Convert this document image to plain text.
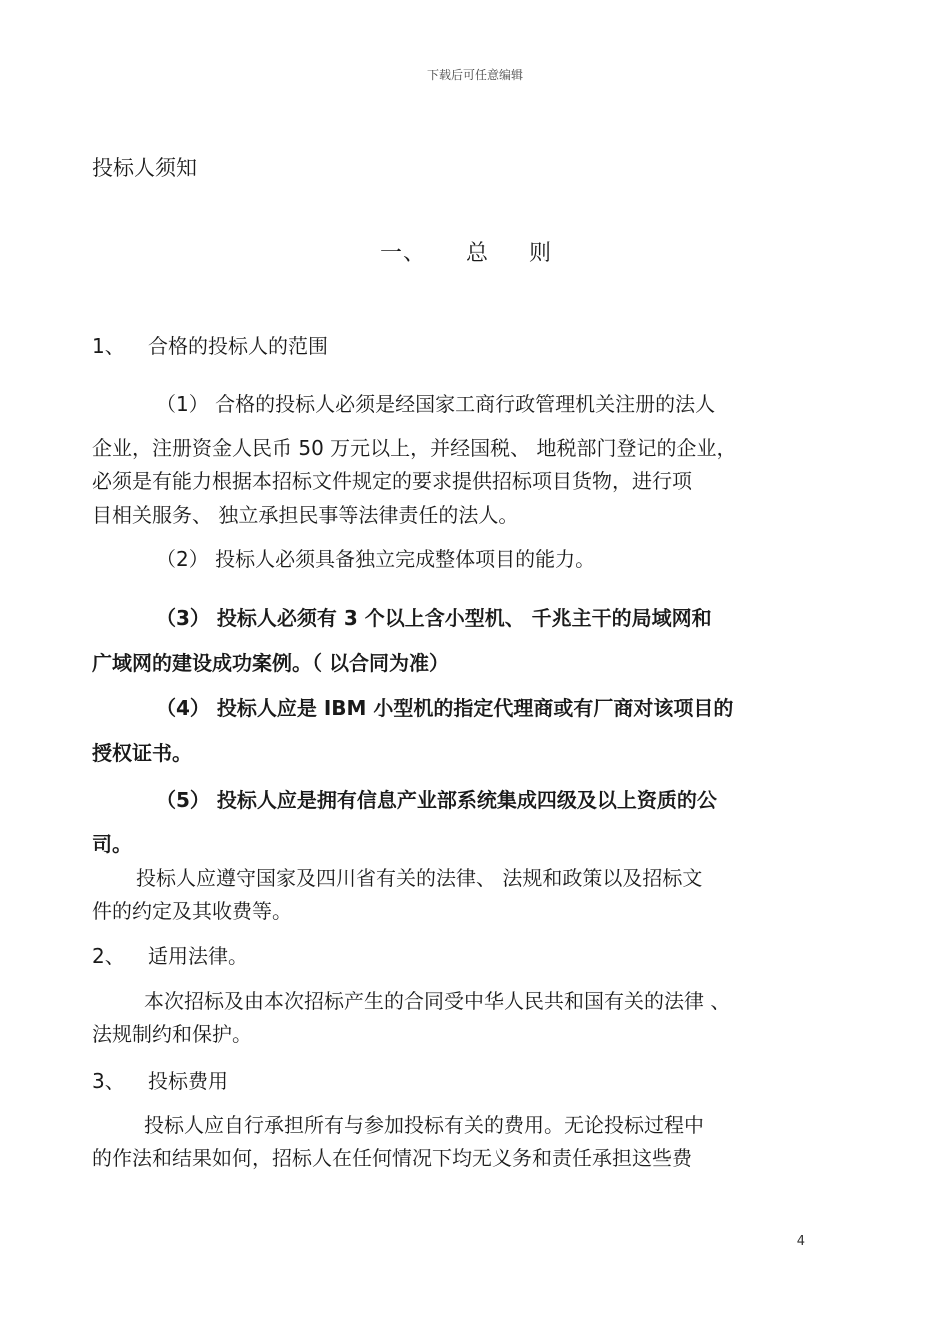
下载后可任意编辑
投标人须知
一、 总 则
1、 合格的投标人的范围
（1） 合格的投标人必须是经国家工商行政管理机关注册的法人
企业，注册资金人民币 50 万元以上，并经国税、 地税部门登记的企业，
必须是有能力根据本招标文件规定的要求提供招标项目货物，进行项
目相关服务、 独立承担民事等法律责任的法人。
（2） 投标人必须具备独立完成整体项目的能力。
（3） 投标人必须有 3 个以上含小型机、 千兆主干的局域网和
广域网的建设成功案例。（ 以合同为准）
（4） 投标人应是 IBM 小型机的指定代理商或有厂商对该项目的
授权证书。
（5） 投标人应是拥有信息产业部系统集成四级及以上资质的公
司。
投标人应遵守国家及四川省有关的法律、 法规和政策以及招标文
件的约定及其收费等。
2、 适用法律。
本次招标及由本次招标产生的合同受中华人民共和国有关的法律 、
法规制约和保护。
3、 投标费用
投标人应自行承担所有与参加投标有关的费用。无论投标过程中
的作法和结果如何，招标人在任何情况下均无义务和责任承担这些费
4
